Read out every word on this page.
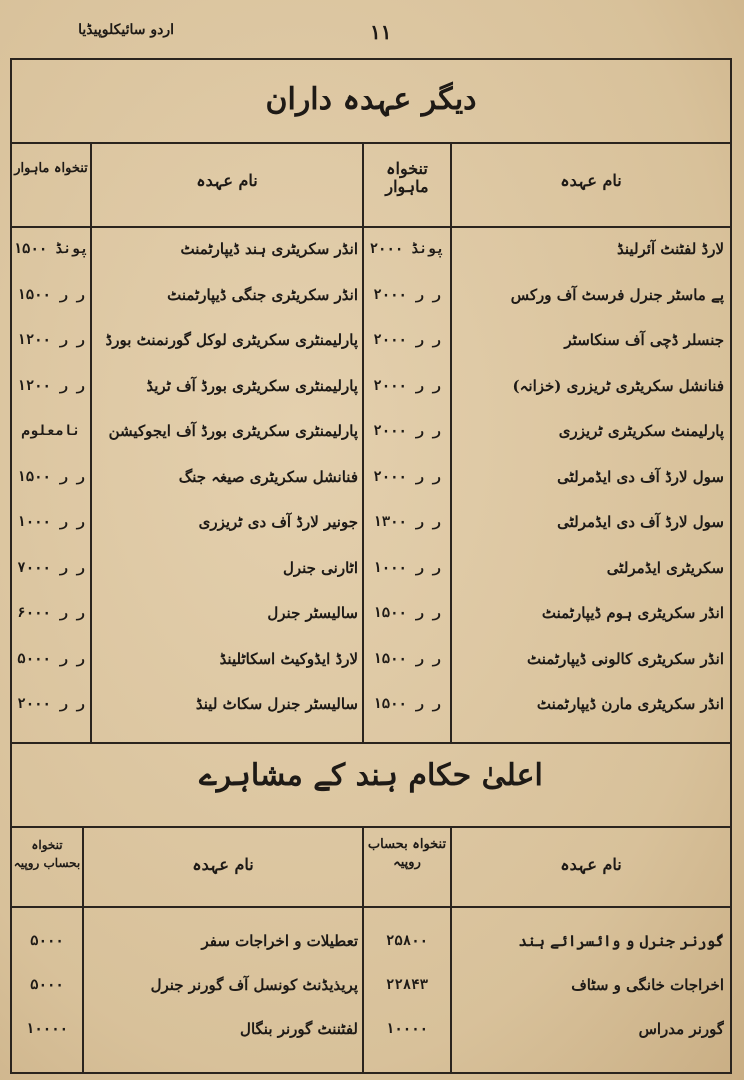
اردو سائیکلوپیڈیا	۱۱
دیگر عہدہ داران
نام عہدہ
تنخواہ ماہوار
نام عہدہ
تنخواہ ماہوار
لارڈ لفٹنٹ آئرلینڈ
۲۰۰۰ پونڈ
انڈر سکریٹری ہند ڈیپارٹمنٹ
۱۵۰۰ پونڈ
پے ماسٹر جنرل فرسٹ آف ورکس
۲۰۰۰ ر ر
انڈر سکریٹری جنگی ڈیپارٹمنٹ
۱۵۰۰ ر ر
جنسلر ڈچی آف سنکاسٹر
۲۰۰۰ ر ر
پارلیمنٹری سکریٹری لوکل گورنمنٹ بورڈ
۱۲۰۰ ر ر
فنانشل سکریٹری ٹریزری (خزانہ)
۲۰۰۰ ر ر
پارلیمنٹری سکریٹری بورڈ آف ٹریڈ
۱۲۰۰ ر ر
پارلیمنٹ سکریٹری ٹریزری
۲۰۰۰ ر ر
پارلیمنٹری سکریٹری بورڈ آف ایجوکیشن
نامعلوم
سول لارڈ آف دی ایڈمرلٹی
۲۰۰۰ ر ر
فنانشل سکریٹری صیغہ جنگ
۱۵۰۰ ر ر
سول لارڈ آف دی ایڈمرلٹی
۱۳۰۰ ر ر
جونیر لارڈ آف دی ٹریزری
۱۰۰۰ ر ر
سکریٹری ایڈمرلٹی
۱۰۰۰ ر ر
اٹارنی جنرل
۷۰۰۰ ر ر
انڈر سکریٹری ہوم ڈیپارٹمنٹ
۱۵۰۰ ر ر
سالیسٹر جنرل
۶۰۰۰ ر ر
انڈر سکریٹری کالونی ڈیپارٹمنٹ
۱۵۰۰ ر ر
لارڈ ایڈوکیٹ اسکاٹلینڈ
۵۰۰۰ ر ر
انڈر سکریٹری مارن ڈیپارٹمنٹ
۱۵۰۰ ر ر
سالیسٹر جنرل سکاٹ لینڈ
۲۰۰۰ ر ر
اعلیٰ حکام ہند کے مشاہرے
نام عہدہ
تنخواہ بحساب روپیہ
نام عہدہ
تنخواہ بحساب روپیہ
گورنر جنرل و وائسرائے ہند
۲۵۸۰۰
تعطیلات و اخراجات سفر
۵۰۰۰
اخراجات خانگی و سٹاف
۲۲۸۴۳
پریذیڈنٹ کونسل آف گورنر جنرل
۵۰۰۰
گورنر مدراس
۱۰۰۰۰
لفٹننٹ گورنر بنگال
۱۰۰۰۰
